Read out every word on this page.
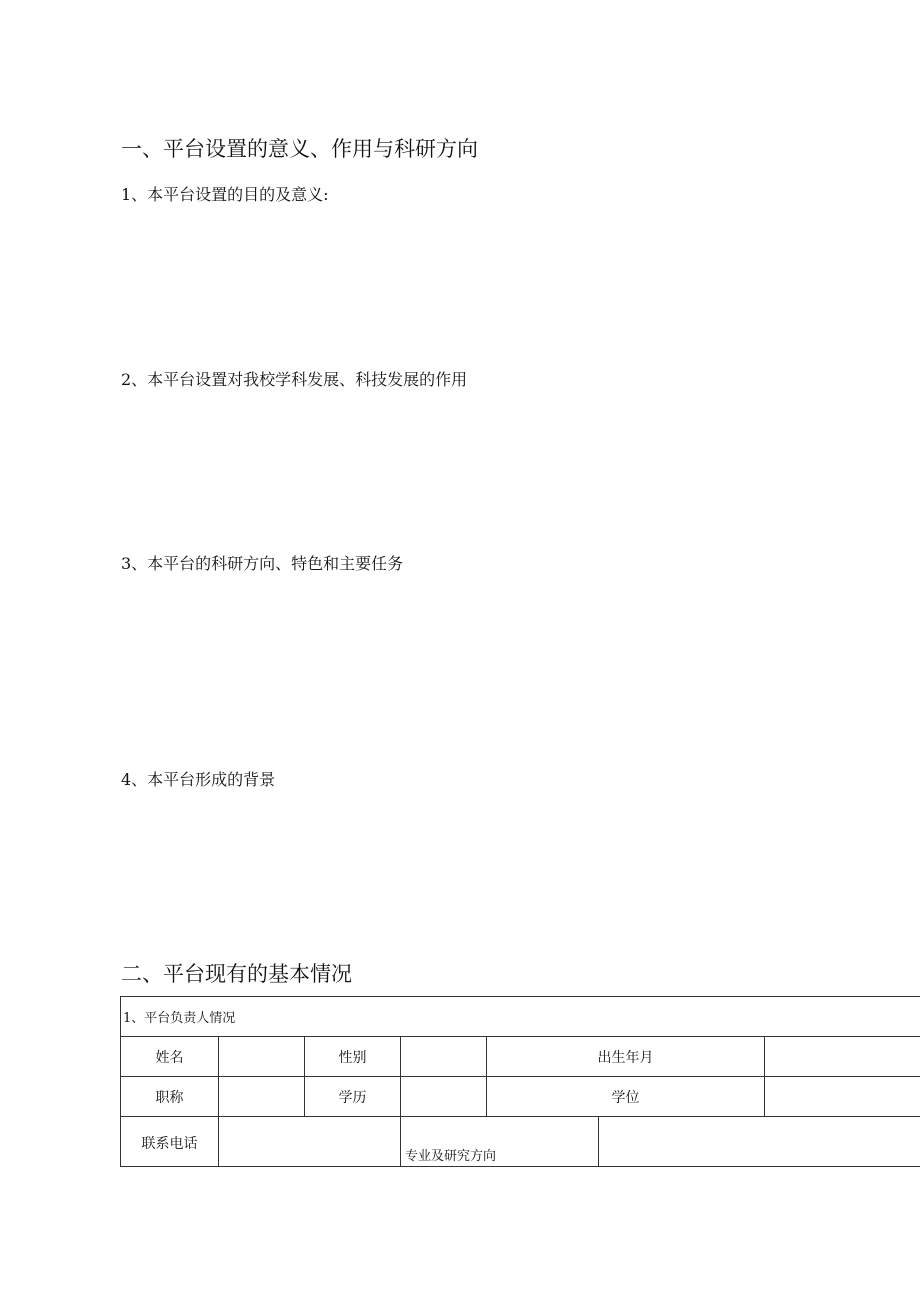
一、平台设置的意义、作用与科研方向
1、本平台设置的目的及意义:
2、本平台设置对我校学科发展、科技发展的作用
3、本平台的科研方向、特色和主要任务
4、本平台形成的背景
二、平台现有的基本情况
1、平台负责人情况						
姓名		性别		出生年月		
职称		学历		学位		
联系电话			专业及研究方向			
